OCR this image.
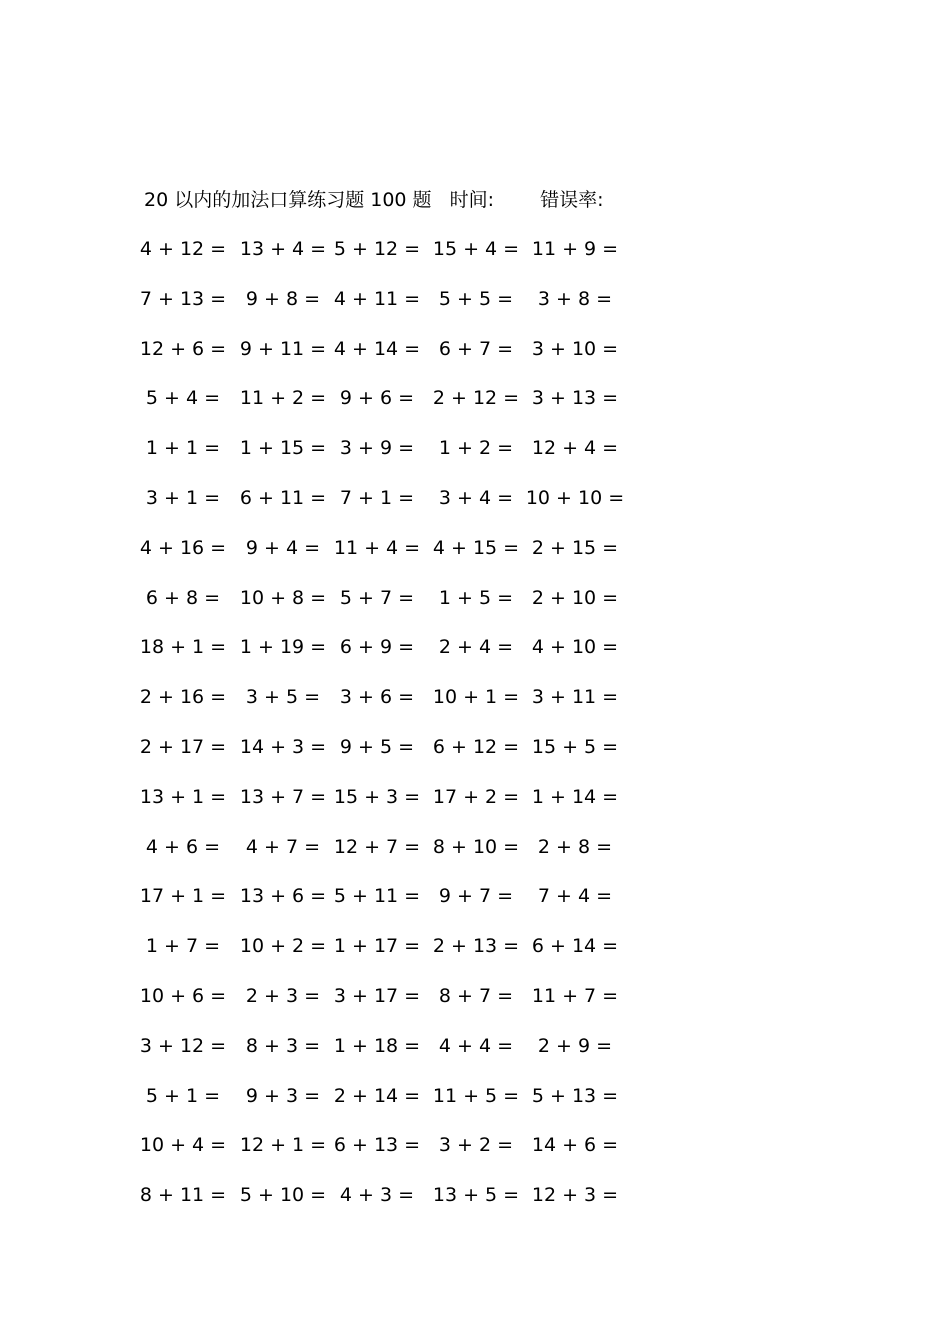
20 以内的加法口算练习题 100 题 时间: 错误率:
4 + 12 = 13 + 4 = 5 + 12 = 15 + 4 = 11 + 9 =
7 + 13 = 9 + 8 = 4 + 11 = 5 + 5 = 3 + 8 =
12 + 6 = 9 + 11 = 4 + 14 = 6 + 7 = 3 + 10 =
5 + 4 = 11 + 2 = 9 + 6 = 2 + 12 = 3 + 13 =
1 + 1 = 1 + 15 = 3 + 9 = 1 + 2 = 12 + 4 =
3 + 1 = 6 + 11 = 7 + 1 = 3 + 4 = 10 + 10 =
4 + 16 = 9 + 4 = 11 + 4 = 4 + 15 = 2 + 15 =
6 + 8 = 10 + 8 = 5 + 7 = 1 + 5 = 2 + 10 =
18 + 1 = 1 + 19 = 6 + 9 = 2 + 4 = 4 + 10 =
2 + 16 = 3 + 5 = 3 + 6 = 10 + 1 = 3 + 11 =
2 + 17 = 14 + 3 = 9 + 5 = 6 + 12 = 15 + 5 =
13 + 1 = 13 + 7 = 15 + 3 = 17 + 2 = 1 + 14 =
4 + 6 = 4 + 7 = 12 + 7 = 8 + 10 = 2 + 8 =
17 + 1 = 13 + 6 = 5 + 11 = 9 + 7 = 7 + 4 =
1 + 7 = 10 + 2 = 1 + 17 = 2 + 13 = 6 + 14 =
10 + 6 = 2 + 3 = 3 + 17 = 8 + 7 = 11 + 7 =
3 + 12 = 8 + 3 = 1 + 18 = 4 + 4 = 2 + 9 =
5 + 1 = 9 + 3 = 2 + 14 = 11 + 5 = 5 + 13 =
10 + 4 = 12 + 1 = 6 + 13 = 3 + 2 = 14 + 6 =
8 + 11 = 5 + 10 = 4 + 3 = 13 + 5 = 12 + 3 =
